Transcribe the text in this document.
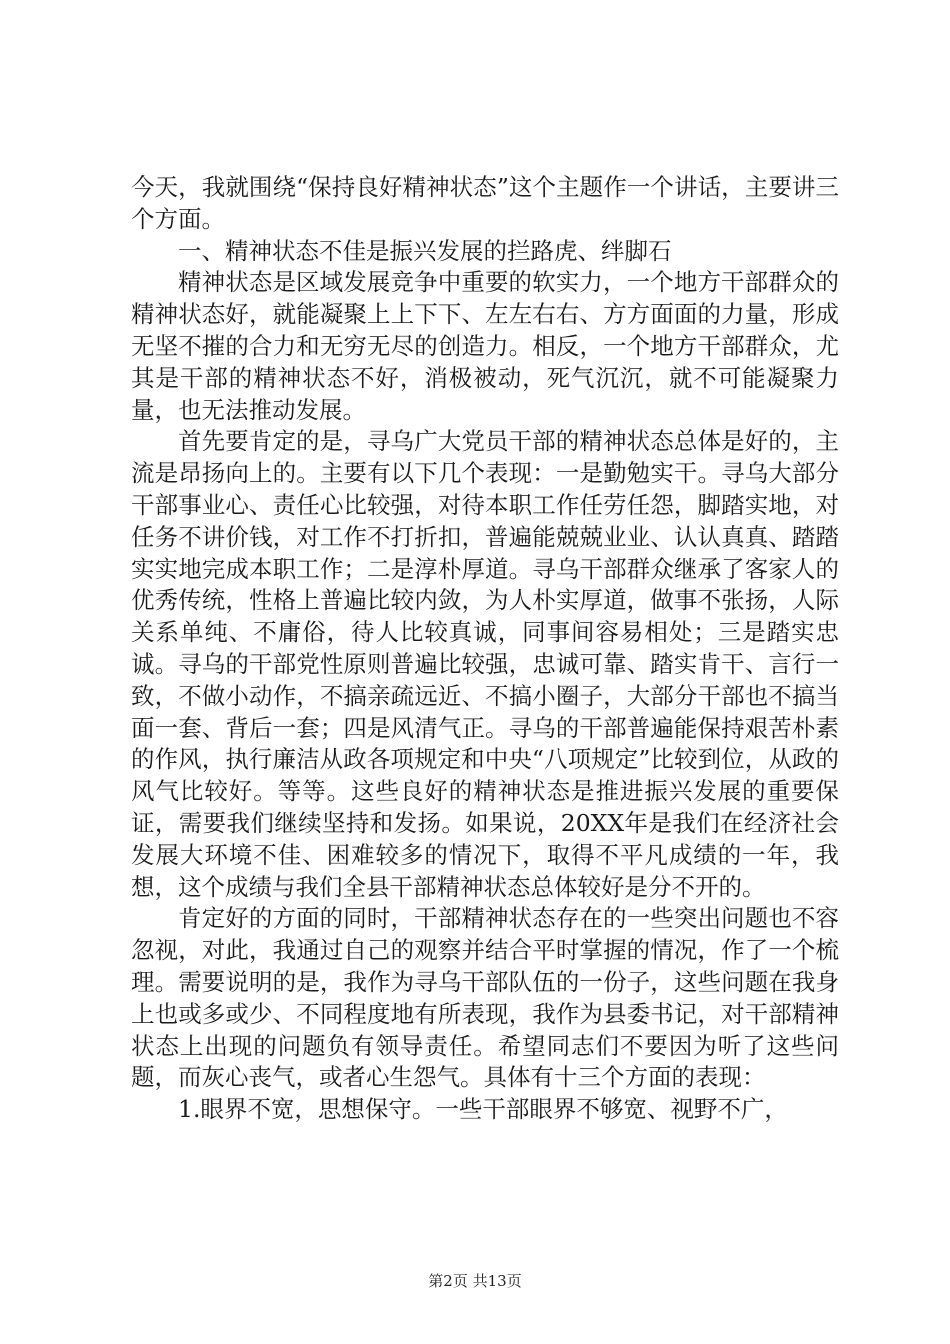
今天，我就围绕“保持良好精神状态”这个主题作一个讲话，主要讲三个方面。

一、精神状态不佳是振兴发展的拦路虎、绊脚石

精神状态是区域发展竞争中重要的软实力，一个地方干部群众的精神状态好，就能凝聚上上下下、左左右右、方方面面的力量，形成无坚不摧的合力和无穷无尽的创造力。相反，一个地方干部群众，尤其是干部的精神状态不好，消极被动，死气沉沉，就不可能凝聚力量，也无法推动发展。

首先要肯定的是，寻乌广大党员干部的精神状态总体是好的，主流是昂扬向上的。主要有以下几个表现：一是勤勉实干。寻乌大部分干部事业心、责任心比较强，对待本职工作任劳任怨，脚踏实地，对任务不讲价钱，对工作不打折扣，普遍能兢兢业业、认认真真、踏踏实实地完成本职工作；二是淳朴厚道。寻乌干部群众继承了客家人的优秀传统，性格上普遍比较内敛，为人朴实厚道，做事不张扬，人际关系单纯、不庸俗，待人比较真诚，同事间容易相处；三是踏实忠诚。寻乌的干部党性原则普遍比较强，忠诚可靠、踏实肯干、言行一致，不做小动作，不搞亲疏远近、不搞小圈子，大部分干部也不搞当面一套、背后一套；四是风清气正。寻乌的干部普遍能保持艰苦朴素的作风，执行廉洁从政各项规定和中央“八项规定”比较到位，从政的风气比较好。等等。这些良好的精神状态是推进振兴发展的重要保证，需要我们继续坚持和发扬。如果说，20XX年是我们在经济社会发展大环境不佳、困难较多的情况下，取得不平凡成绩的一年，我想，这个成绩与我们全县干部精神状态总体较好是分不开的。

肯定好的方面的同时，干部精神状态存在的一些突出问题也不容忽视，对此，我通过自己的观察并结合平时掌握的情况，作了一个梳理。需要说明的是，我作为寻乌干部队伍的一份子，这些问题在我身上也或多或少、不同程度地有所表现，我作为县委书记，对干部精神状态上出现的问题负有领导责任。希望同志们不要因为听了这些问题，而灰心丧气，或者心生怨气。具体有十三个方面的表现：

1.眼界不宽，思想保守。一些干部眼界不够宽、视野不广，

第2页 共13页
